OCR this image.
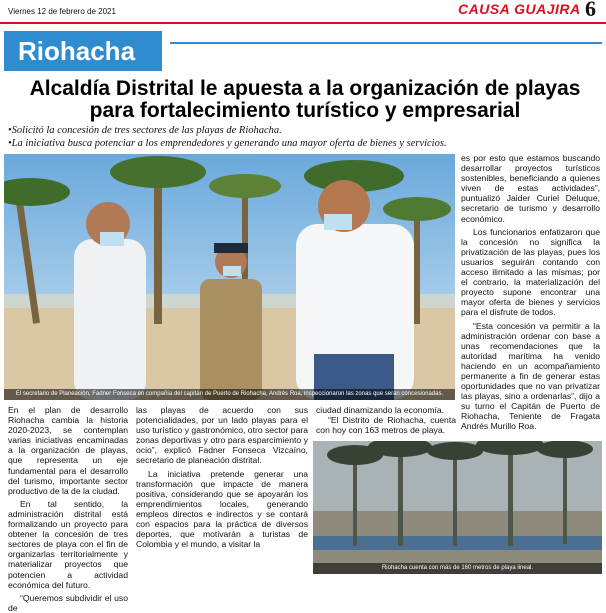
Viernes 12 de febrero de 2021	CAUSA GUAJIRA 6
Riohacha
Alcaldía Distrital le apuesta a la organización de playas para fortalecimiento turístico y empresarial
•Solicitó la concesión de tres sectores de las playas de Riohacha.
•La iniciativa busca potenciar a los emprendedores y generando una mayor oferta de bienes y servicios.
El secretario de Planeación, Fadner Fonseca en compañía del capitán de Puerto de Riohacha, Andrés Roa, inspeccionaron las zonas que serán concesionadas.

En el plan de desarrollo Riohacha cambia la historia 2020-2023, se contemplan varias iniciativas encaminadas a la organización de playas, que representa un eje fundamental para el desarrollo del turismo, importante sector productivo de la de la ciudad.

En tal sentido, la administración distrital está formalizando un proyecto para obtener la concesión de tres sectores de playa con el fin de organizarlas territorialmente y materializar proyectos que potencien a actividad económica del futuro.

“Queremos subdividir el uso de

las playas de acuerdo con sus potencialidades, por un lado playas para el uso turístico y gastronómico, otro sector para zonas deportivas y otro para esparcimiento y ocio”, explicó Fadner Fonseca Vizcaíno, secretario de planeación distrital.

La iniciativa pretende generar una transformación que impacte de manera positiva, considerando que se apoyarán los emprendimientos locales, generando empleos directos e indirectos y se contará con espacios para la práctica de diversos deportes, que motivarán a turistas de Colombia y el mundo, a visitar la

ciudad dinamizando la economía.

“El Distrito de Riohacha, cuenta con hoy con 163 metros de playa.

es por esto que estamos buscando desarrollar proyectos turísticos sostenibles, beneficiando a quienes viven de estas actividades”, puntualizó Jaider Curiel Deluque, secretario de turismo y desarrollo económico.

Los funcionarios enfatizaron que la concesión no significa la privatización de las playas, pues los usuarios seguirán contando con acceso ilimitado a las mismas; por el contrario, la materialización del proyecto supone encontrar una mayor oferta de bienes y servicios para el disfrute de todos.

“Esta concesión va permitir a la administración ordenar con base a unas recomendaciones que la autoridad marítima ha venido haciendo en un acompañamiento permanente a fin de generar estas oportunidades que no van privatizar las playas, sino a ordenarlas”, dijo a su turno el Capitán de Puerto de Riohacha, Teniente de Fragata Andrés Murillo Roa.

Riohacha cuenta con más de 160 metros de playa lineal.
